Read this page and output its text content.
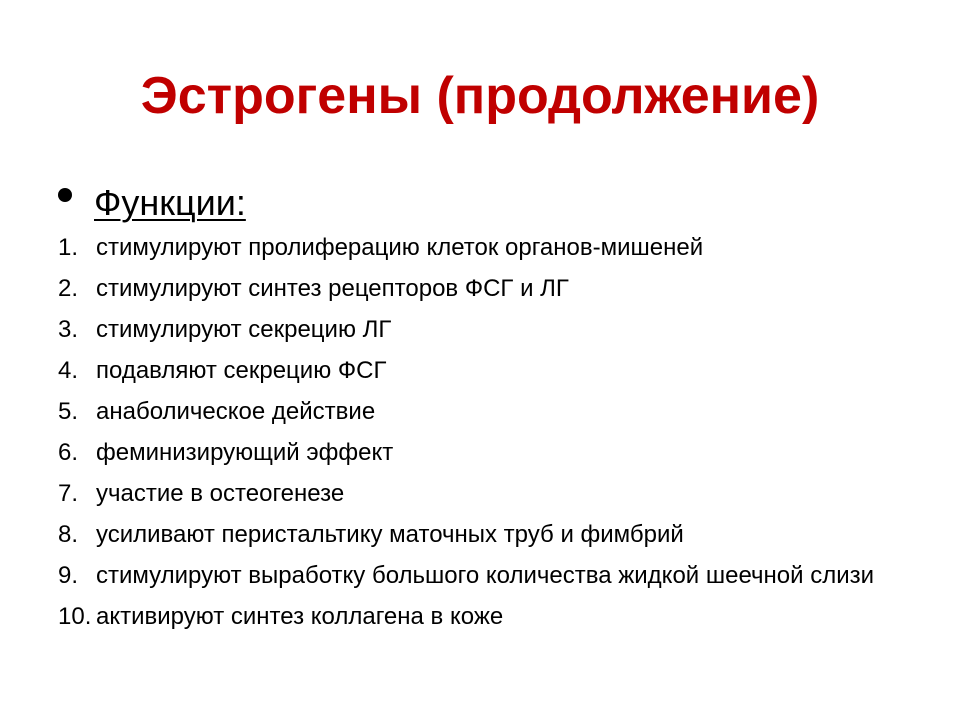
Эстрогены (продолжение)
Функции:
1. стимулируют пролиферацию клеток органов-мишеней
2. стимулируют синтез рецепторов ФСГ и ЛГ
3. стимулируют секрецию ЛГ
4. подавляют секрецию ФСГ
5. анаболическое действие
6. феминизирующий эффект
7. участие в остеогенезе
8. усиливают перистальтику маточных труб и фимбрий
9. стимулируют выработку большого количества жидкой шеечной слизи
10. активируют синтез коллагена в коже
